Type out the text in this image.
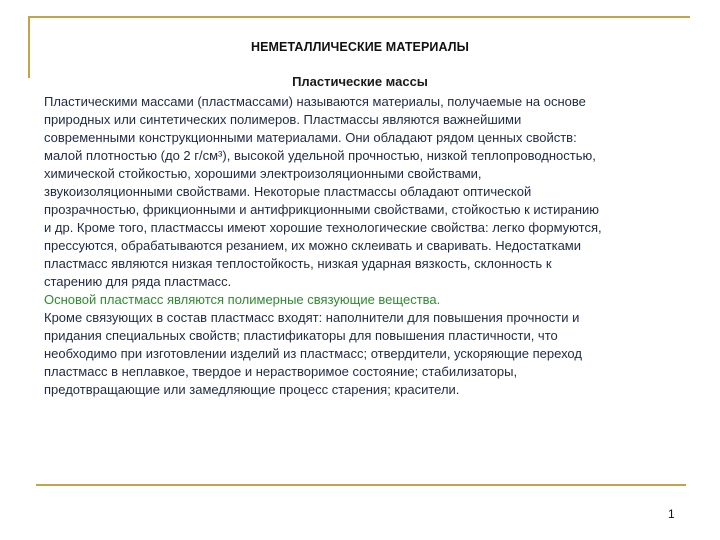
НЕМЕТАЛЛИЧЕСКИЕ МАТЕРИАЛЫ
Пластические массы
Пластическими массами (пластмассами) называются материалы, получаемые на основе
природных или синтетических полимеров. Пластмассы являются важнейшими
современными конструкционными материалами. Они обладают рядом ценных свойств:
малой плотностью (до 2 г/см³), высокой удельной прочностью, низкой теплопроводностью,
химической стойкостью, хорошими электроизоляционными свойствами,
звукоизоляционными свойствами. Некоторые пластмассы обладают оптической
прозрачностью, фрикционными и антифрикционными свойствами, стойкостью к истиранию
и др. Кроме того, пластмассы имеют хорошие технологические свойства: легко формуются,
прессуются, обрабатываются резанием, их можно склеивать и сваривать. Недостатками
пластмасс являются низкая теплостойкость, низкая ударная вязкость, склонность к
старению для ряда пластмасс.
Основой пластмасс являются полимерные связующие вещества.
Кроме связующих в состав пластмасс входят: наполнители для повышения прочности и
придания специальных свойств; пластификаторы для повышения пластичности, что
необходимо при изготовлении изделий из пластмасс; отвердители, ускоряющие переход
пластмасс в неплавкое, твердое и нерастворимое состояние; стабилизаторы,
предотвращающие или замедляющие процесс старения; красители.
1
